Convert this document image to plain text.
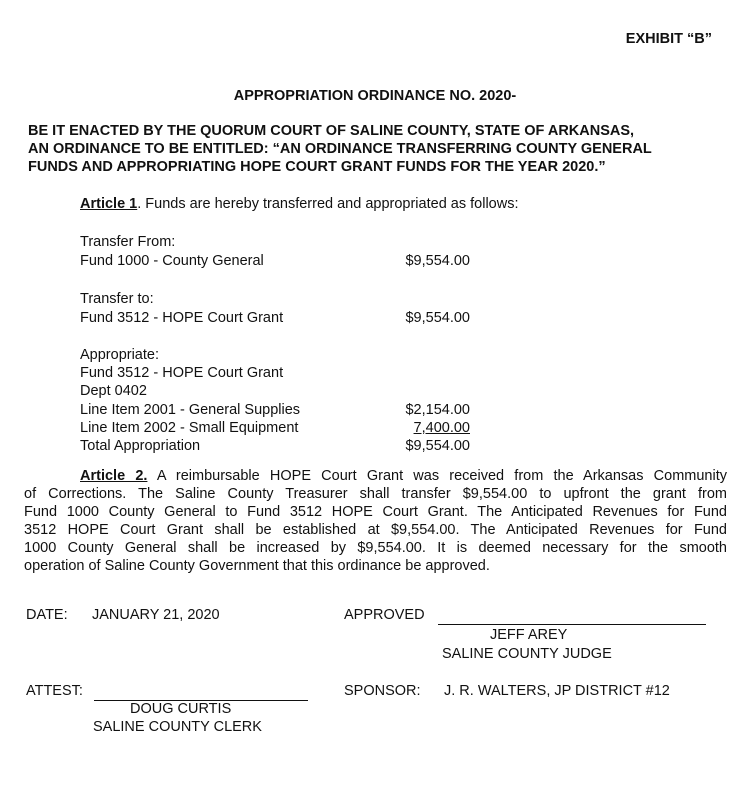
EXHIBIT “B”
APPROPRIATION ORDINANCE NO. 2020-
BE IT ENACTED BY THE QUORUM COURT OF SALINE COUNTY, STATE OF ARKANSAS,
AN ORDINANCE TO BE ENTITLED: “AN ORDINANCE TRANSFERRING COUNTY GENERAL
FUNDS AND APPROPRIATING HOPE COURT GRANT FUNDS FOR THE YEAR 2020.”
Article 1. Funds are hereby transferred and appropriated as follows:
Transfer From:
Fund 1000 - County General	$9,554.00
Transfer to:
Fund 3512 - HOPE Court Grant	$9,554.00
Appropriate:
Fund 3512 - HOPE Court Grant
Dept 0402
Line Item 2001 - General Supplies	$2,154.00
Line Item 2002 - Small Equipment	7,400.00
Total Appropriation	$9,554.00
Article 2. A reimbursable HOPE Court Grant was received from the Arkansas Community
of Corrections. The Saline County Treasurer shall transfer $9,554.00 to upfront the grant from
Fund 1000 County General to Fund 3512 HOPE Court Grant. The Anticipated Revenues for Fund
3512 HOPE Court Grant shall be established at $9,554.00. The Anticipated Revenues for Fund
1000 County General shall be increased by $9,554.00. It is deemed necessary for the smooth
operation of Saline County Government that this ordinance be approved.
DATE: JANUARY 21, 2020	APPROVED
JEFF AREY
SALINE COUNTY JUDGE
ATTEST:
DOUG CURTIS
SALINE COUNTY CLERK
SPONSOR: J. R. WALTERS, JP DISTRICT #12
